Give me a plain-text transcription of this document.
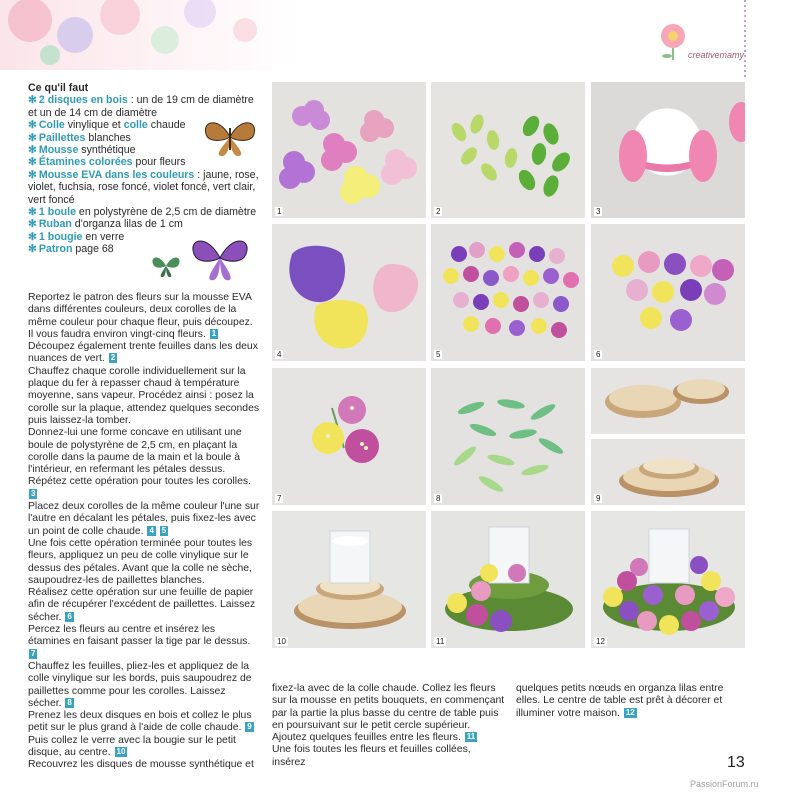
creativemamy
Ce qu'il faut
✻ 2 disques en bois : un de 19 cm de diamètre et un de 14 cm de diamètre
✻ Colle vinylique et colle chaude
✻ Paillettes blanches
✻ Mousse synthétique
✻ Étamines colorées pour fleurs
✻ Mousse EVA dans les couleurs : jaune, rose, violet, fuchsia, rose foncé, violet foncé, vert clair, vert foncé
✻ 1 boule en polystyrène de 2,5 cm de diamètre
✻ Ruban d'organza lilas de 1 cm
✻ 1 bougie en verre
✻ Patron page 68

Reportez le patron des fleurs sur la mousse EVA dans différentes couleurs, deux corolles de la même couleur pour chaque fleur, puis découpez. Il vous faudra environ vingt-cinq fleurs. 1

Découpez également trente feuilles dans les deux nuances de vert. 2

Chauffez chaque corolle individuellement sur la plaque du fer à repasser chaud à température moyenne, sans vapeur. Procédez ainsi : posez la corolle sur la plaque, attendez quelques secondes puis laissez-la tomber.

Donnez-lui une forme concave en utilisant une boule de polystyrène de 2,5 cm, en plaçant la corolle dans la paume de la main et la boule à l'intérieur, en refermant les pétales dessus. Répétez cette opération pour toutes les corolles. 3

Placez deux corolles de la même couleur l'une sur l'autre en décalant les pétales, puis fixez-les avec un point de colle chaude. 4 5

Une fois cette opération terminée pour toutes les fleurs, appliquez un peu de colle vinylique sur le dessus des pétales. Avant que la colle ne sèche, saupoudrez-les de paillettes blanches.

Réalisez cette opération sur une feuille de papier afin de récupérer l'excédent de paillettes. Laissez sécher. 6

Percez les fleurs au centre et insérez les étamines en faisant passer la tige par le dessus. 7

Chauffez les feuilles, pliez-les et appliquez de la colle vinylique sur les bords, puis saupoudrez de paillettes comme pour les corolles. Laissez sécher. 8

Prenez les deux disques en bois et collez le plus petit sur le plus grand à l'aide de colle chaude. 9

Puis collez le verre avec la bougie sur le petit disque, au centre. 10

Recouvrez les disques de mousse synthétique et

fixez-la avec de la colle chaude. Collez les fleurs sur la mousse en petits bouquets, en commençant par la partie la plus basse du centre de table puis en poursuivant sur le petit cercle supérieur. Ajoutez quelques feuilles entre les fleurs. 11

Une fois toutes les fleurs et feuilles collées, insérez

quelques petits nœuds en organza lilas entre elles. Le centre de table est prêt à décorer et illuminer votre maison. 12

1	2	3
4	5	6
7	8	9
10	11	12
13
PassionForum.ru
